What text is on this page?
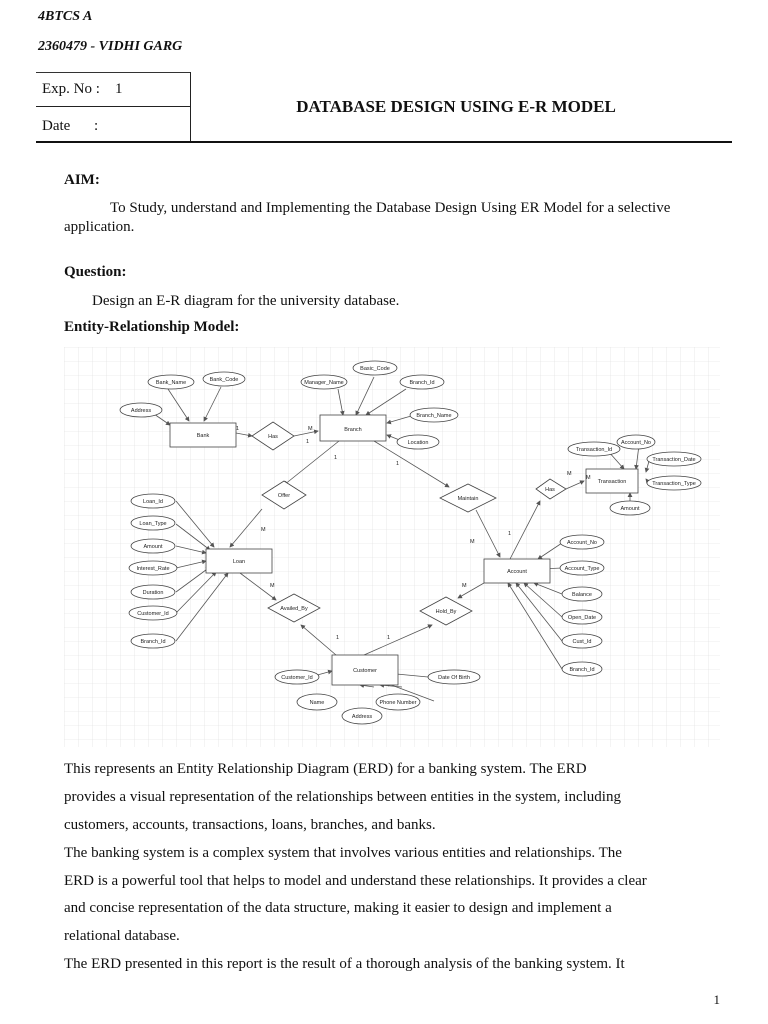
4BTCS A
2360479 - VIDHI GARG
Exp. No : 1
Date :
DATABASE DESIGN USING E-R MODEL
AIM:
To Study, understand and Implementing the Database Design Using ER Model for a selective application.
Question:
Design an E-R diagram for the university database.
Entity-Relationship Model:
Bank
Branch
Loan
Account
Transaction
Customer
Has
Offer	Maintain
Has
Availed_By	Hold_By
Bank_Name	Bank_Code
Address
Basic_Code
Manager_Name	Branch_Id
Branch_Name
Location
Loan_Id
Loan_Type
Amount
Interest_Rate
Duration
Customer_Id
Branch_Id
Transaction_Id
Account_No
Transaction_Date
Transaction_Type
Amount
Account_No
Account_Type
Balance
Open_Date
Cust_Id
Branch_Id
Customer_Id
Name
Address
Phone Number
Date Of Birth
1	M
1
M
1
M
1
M
M
1
M
1
M
1
This represents an Entity Relationship Diagram (ERD) for a banking system. The ERD
provides a visual representation of the relationships between entities in the system, including
customers, accounts, transactions, loans, branches, and banks.
The banking system is a complex system that involves various entities and relationships. The
ERD is a powerful tool that helps to model and understand these relationships. It provides a clear
and concise representation of the data structure, making it easier to design and implement a
relational database.
The ERD presented in this report is the result of a thorough analysis of the banking system. It
1
